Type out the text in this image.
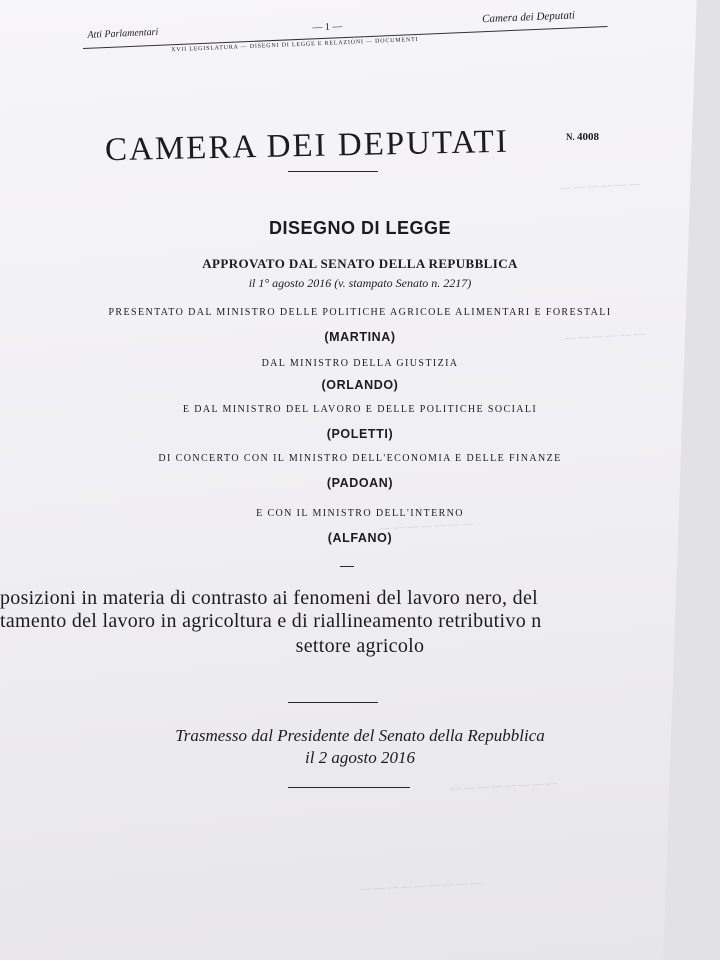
— — — — — —
— — — — — —
— — — — — — —
— — — — — — — —
— — — — — — — — —
Atti Parlamentari	— 1 —
Camera dei Deputati
XVII LEGISLATURA — DISEGNI DI LEGGE E RELAZIONI — DOCUMENTI
CAMERA DEI DEPUTATI	N. 4008
DISEGNO DI LEGGE
APPROVATO DAL SENATO DELLA REPUBBLICA
il 1° agosto 2016 (v. stampato Senato n. 2217)
PRESENTATO DAL MINISTRO DELLE POLITICHE AGRICOLE ALIMENTARI E FORESTALI
(MARTINA)
DAL MINISTRO DELLA GIUSTIZIA
(ORLANDO)
E DAL MINISTRO DEL LAVORO E DELLE POLITICHE SOCIALI
(POLETTI)
DI CONCERTO CON IL MINISTRO DELL'ECONOMIA E DELLE FINANZE
(PADOAN)
E CON IL MINISTRO DELL'INTERNO
(ALFANO)
posizioni in materia di contrasto ai fenomeni del lavoro nero, del
tamento del lavoro in agricoltura e di riallineamento retributivo n
settore agricolo
Trasmesso dal Presidente del Senato della Repubblica
il 2 agosto 2016
